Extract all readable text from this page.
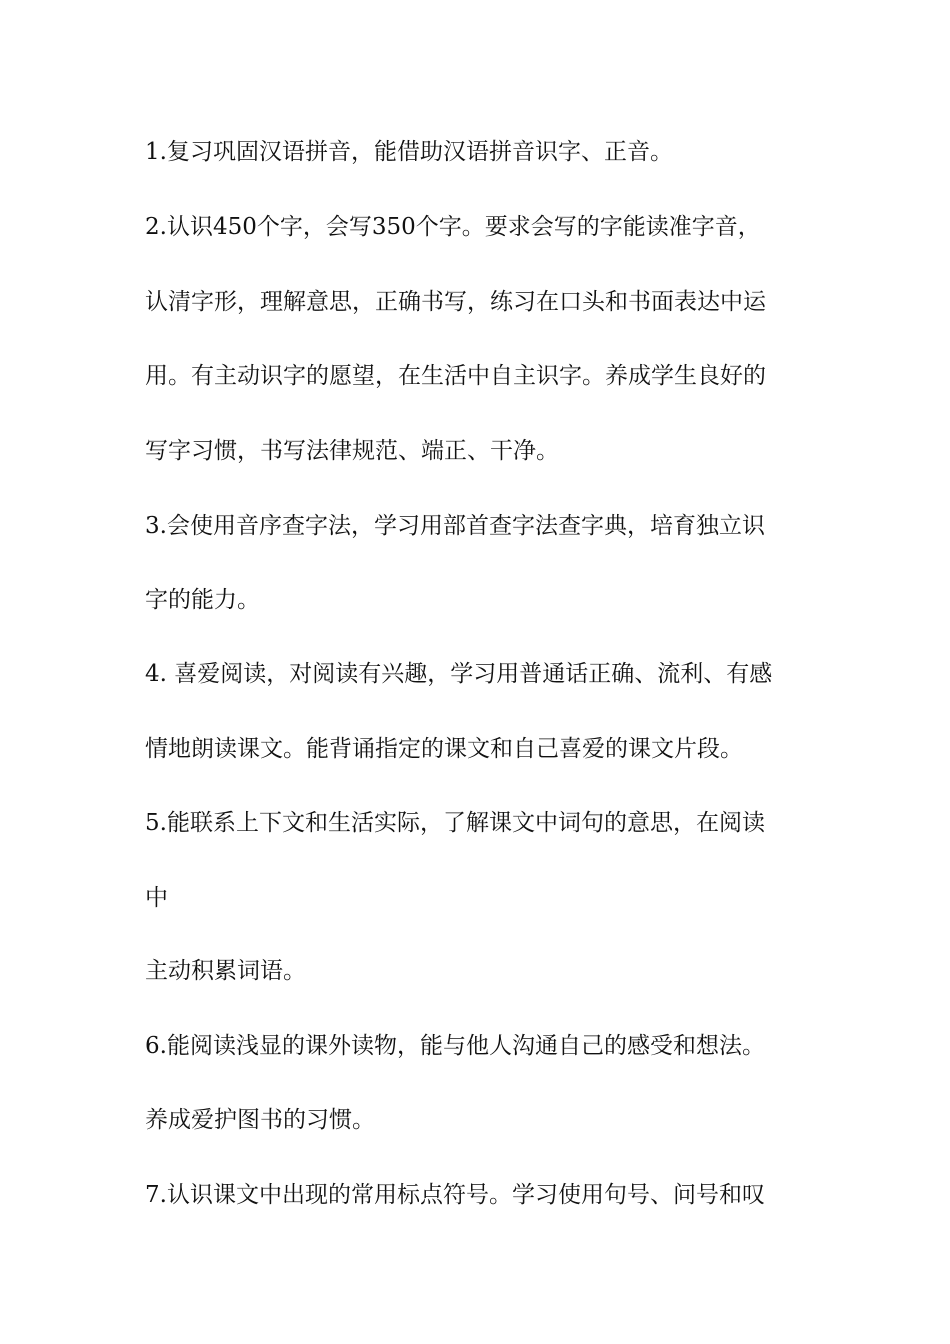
1.复习巩固汉语拼音，能借助汉语拼音识字、正音。
2.认识450个字，会写350个字。要求会写的字能读准字音，
认清字形，理解意思，正确书写，练习在口头和书面表达中运
用。有主动识字的愿望，在生活中自主识字。养成学生良好的
写字习惯，书写法律规范、端正、干净。
3.会使用音序查字法，学习用部首查字法查字典，培育独立识
字的能力。
4. 喜爱阅读，对阅读有兴趣，学习用普通话正确、流利、有感
情地朗读课文。能背诵指定的课文和自己喜爱的课文片段。
5.能联系上下文和生活实际，了解课文中词句的意思，在阅读
中
主动积累词语。
6.能阅读浅显的课外读物，能与他人沟通自己的感受和想法。
养成爱护图书的习惯。
7.认识课文中出现的常用标点符号。学习使用句号、问号和叹
